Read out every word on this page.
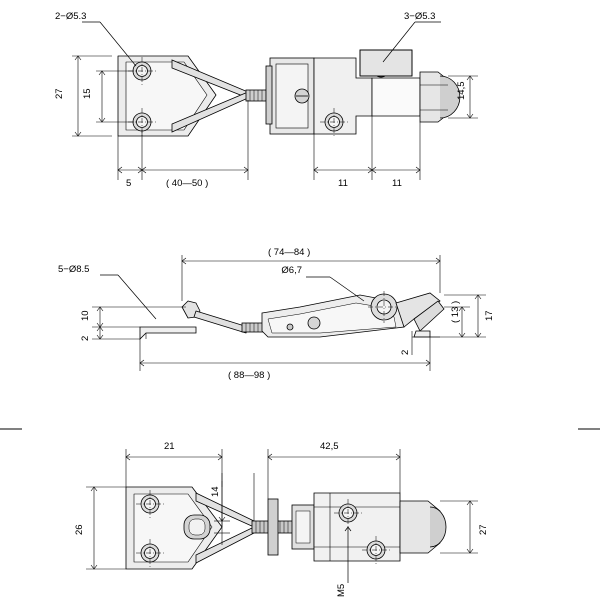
2−Ø5.3	3−Ø5.3
27 15	14,5
5	( 40—50 )	11	11
5−Ø8.5	Ø6,7
( 74—84 )
( 88—98 )
( 13 ) 17
10
2
2
21	42,5
14
26	27
M5
